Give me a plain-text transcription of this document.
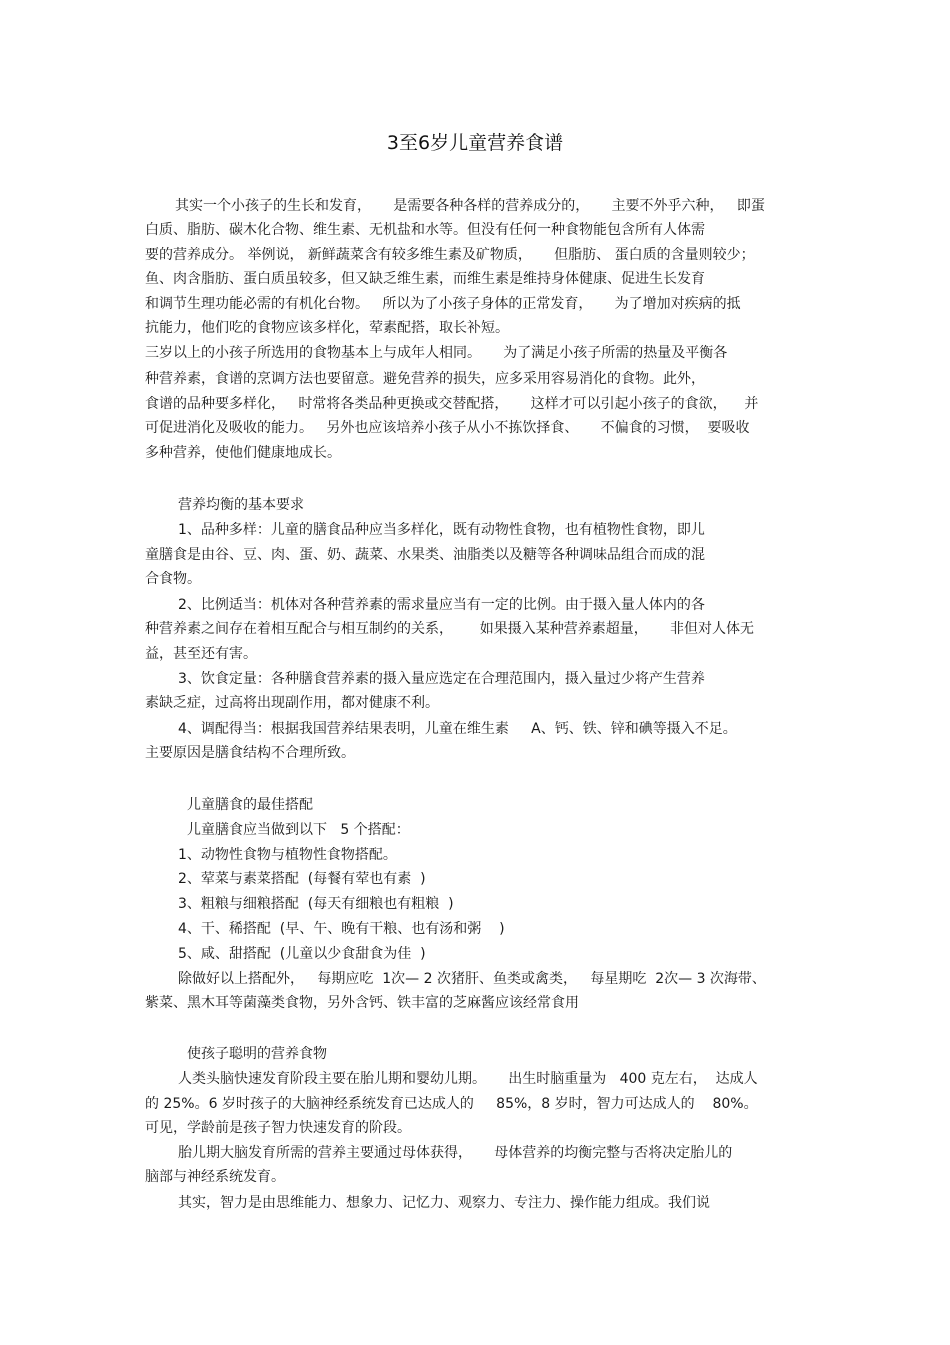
3至6岁儿童营养食谱
其实一个小孩子的生长和发育，     是需要各种各样的营养成分的，     主要不外乎六种，   即蛋
白质、脂肪、碳木化合物、维生素、无机盐和水等。但没有任何一种食物能包含所有人体需
要的营养成分。 举例说， 新鲜蔬菜含有较多维生素及矿物质，     但脂肪、 蛋白质的含量则较少；
鱼、肉含脂肪、蛋白质虽较多，但又缺乏维生素，而维生素是维持身体健康、促进生长发育
和调节生理功能必需的有机化台物。   所以为了小孩子身体的正常发育，     为了增加对疾病的抵
抗能力，他们吃的食物应该多样化，荤素配搭，取长补短。
三岁以上的小孩子所选用的食物基本上与成年人相同。     为了满足小孩子所需的热量及平衡各
种营养素，食谱的烹调方法也要留意。避免营养的损失，应多采用容易消化的食物。此外，
食谱的品种要多样化，   时常将各类品种更换或交替配搭，     这样才可以引起小孩子的食欲，    并
可促进消化及吸收的能力。   另外也应该培养小孩子从小不拣饮择食、     不偏食的习惯，  要吸收
多种营养，使他们健康地成长。
营养均衡的基本要求
1、品种多样：儿童的膳食品种应当多样化，既有动物性食物，也有植物性食物，即儿
童膳食是由谷、豆、肉、蛋、奶、蔬菜、水果类、油脂类以及糖等各种调味品组合而成的混
合食物。
2、比例适当：机体对各种营养素的需求量应当有一定的比例。由于摄入量人体内的各
种营养素之间存在着相互配合与相互制约的关系，      如果摄入某种营养素超量，     非但对人体无
益，甚至还有害。
3、饮食定量：各种膳食营养素的摄入量应选定在合理范围内，摄入量过少将产生营养
素缺乏症，过高将出现副作用，都对健康不利。
4、调配得当：根据我国营养结果表明，儿童在维生素     A、钙、铁、锌和碘等摄入不足。
主要原因是膳食结构不合理所致。
儿童膳食的最佳搭配
儿童膳食应当做到以下   5 个搭配：
1、动物性食物与植物性食物搭配。
2、荤菜与素菜搭配  (每餐有荤也有素  )
3、粗粮与细粮搭配  (每天有细粮也有粗粮  )
4、干、稀搭配  (早、午、晚有干粮、也有汤和粥    )
5、咸、甜搭配  (儿童以少食甜食为佳  )
除做好以上搭配外，   每期应吃  1次— 2 次猪肝、鱼类或禽类，   每星期吃  2次— 3 次海带、
紫菜、黑木耳等菌藻类食物，另外含钙、铁丰富的芝麻酱应该经常食用
使孩子聪明的营养食物
人类头脑快速发育阶段主要在胎儿期和婴幼儿期。     出生时脑重量为   400 克左右，  达成人
的 25%。6 岁时孩子的大脑神经系统发育已达成人的     85%，8 岁时，智力可达成人的    80%。
可见，学龄前是孩子智力快速发育的阶段。
胎儿期大脑发育所需的营养主要通过母体获得，     母体营养的均衡完整与否将决定胎儿的
脑部与神经系统发育。
其实，智力是由思维能力、想象力、记忆力、观察力、专注力、操作能力组成。我们说
